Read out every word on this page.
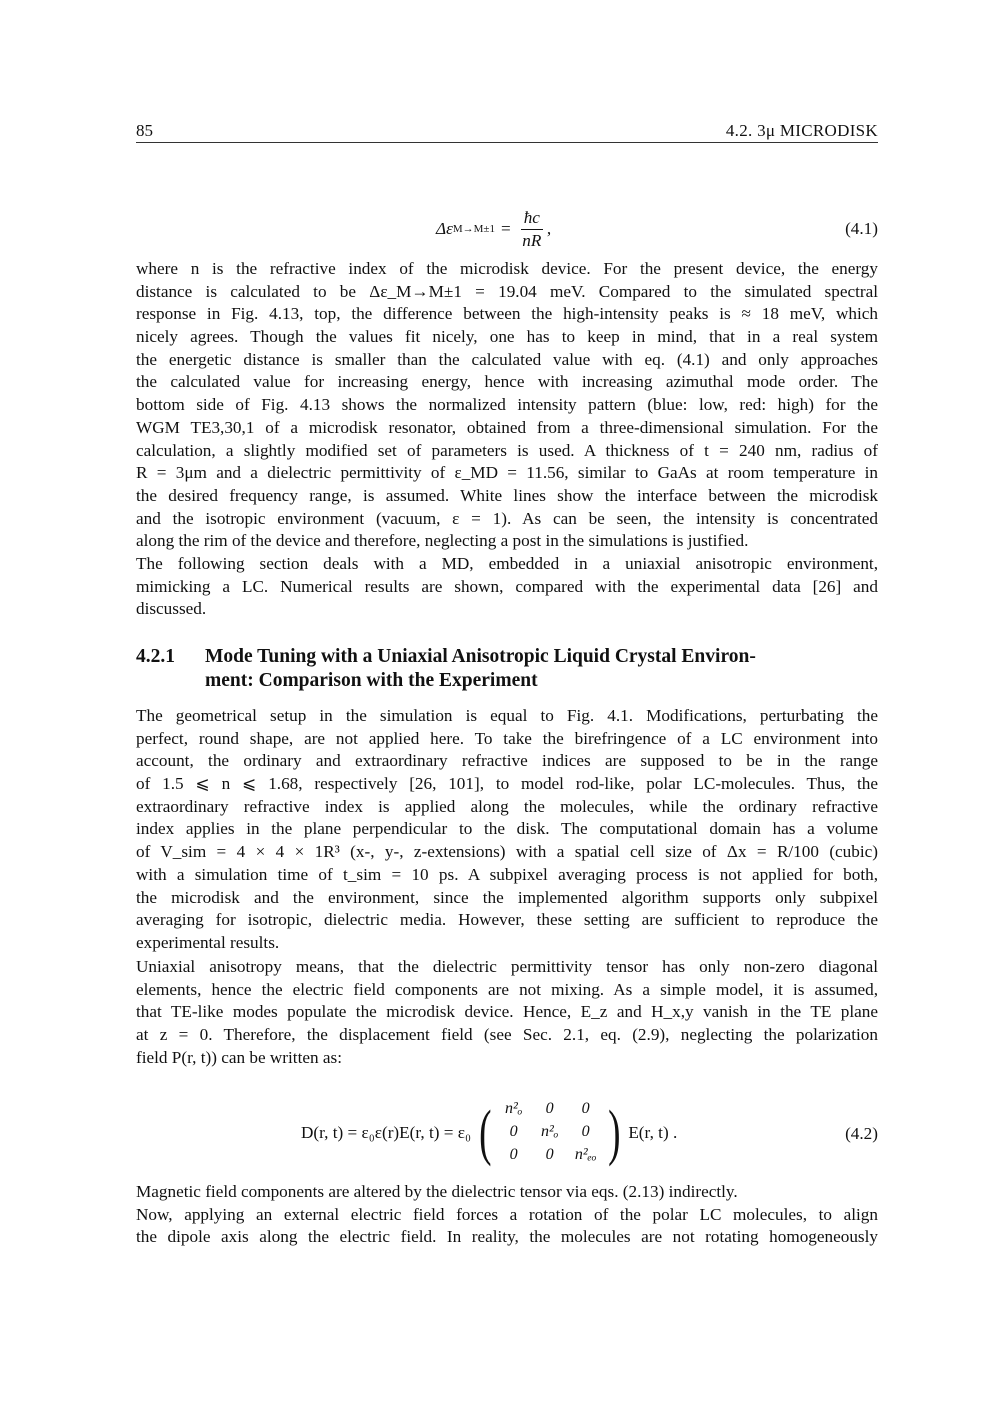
85	4.2. 3μ MICRODISK
Δε $M\to M\pm 1 = \frac{ħc}{nR}$ ,	(4.1)
where n is the refractive index of the microdisk device. For the present device, the energy
distance is calculated to be Δε_M→M±1 = 19.04 meV. Compared to the simulated spectral
response in Fig. 4.13, top, the difference between the high-intensity peaks is ≈ 18 meV, which
nicely agrees. Though the values fit nicely, one has to keep in mind, that in a real system
the energetic distance is smaller than the calculated value with eq. (4.1) and only approaches
the calculated value for increasing energy, hence with increasing azimuthal mode order. The
bottom side of Fig. 4.13 shows the normalized intensity pattern (blue: low, red: high) for the
WGM TE3,30,1 of a microdisk resonator, obtained from a three-dimensional simulation. For the
calculation, a slightly modified set of parameters is used. A thickness of t = 240 nm, radius of
R = 3μm and a dielectric permittivity of ε_MD = 11.56, similar to GaAs at room temperature in
the desired frequency range, is assumed. White lines show the interface between the microdisk
and the isotropic environment (vacuum, ε = 1). As can be seen, the intensity is concentrated
along the rim of the device and therefore, neglecting a post in the simulations is justified.
The following section deals with a MD, embedded in a uniaxial anisotropic environment,
mimicking a LC. Numerical results are shown, compared with the experimental data [26] and
discussed.
4.2.1 Mode Tuning with a Uniaxial Anisotropic Liquid Crystal Environ-
ment: Comparison with the Experiment
The geometrical setup in the simulation is equal to Fig. 4.1. Modifications, perturbating the
perfect, round shape, are not applied here. To take the birefringence of a LC environment into
account, the ordinary and extraordinary refractive indices are supposed to be in the range
of 1.5 ⩽ n ⩽ 1.68, respectively [26, 101], to model rod-like, polar LC-molecules. Thus, the
extraordinary refractive index is applied along the molecules, while the ordinary refractive
index applies in the plane perpendicular to the disk. The computational domain has a volume
of V_sim = 4 × 4 × 1R³ (x-, y-, z-extensions) with a spatial cell size of Δx = R/100 (cubic)
with a simulation time of t_sim = 10 ps. A subpixel averaging process is not applied for both,
the microdisk and the environment, since the implemented algorithm supports only subpixel
averaging for isotropic, dielectric media. However, these setting are sufficient to reproduce the
experimental results.
Uniaxial anisotropy means, that the dielectric permittivity tensor has only non-zero diagonal
elements, hence the electric field components are not mixing. As a simple model, it is assumed,
that TE-like modes populate the microdisk device. Hence, E_z and H_x,y vanish in the TE plane
at z = 0. Therefore, the displacement field (see Sec. 2.1, eq. (2.9), neglecting the polarization
field P(r, t)) can be written as:
D(r, t) = ε₀ε(r)E(r, t) = ε₀ ( n²ₒ 0 0
0 n²ₒ 0
0 0 n²ₑₒ ) E(r, t) .	(4.2)
Magnetic field components are altered by the dielectric tensor via eqs. (2.13) indirectly.
Now, applying an external electric field forces a rotation of the polar LC molecules, to align
the dipole axis along the electric field. In reality, the molecules are not rotating homogeneously
